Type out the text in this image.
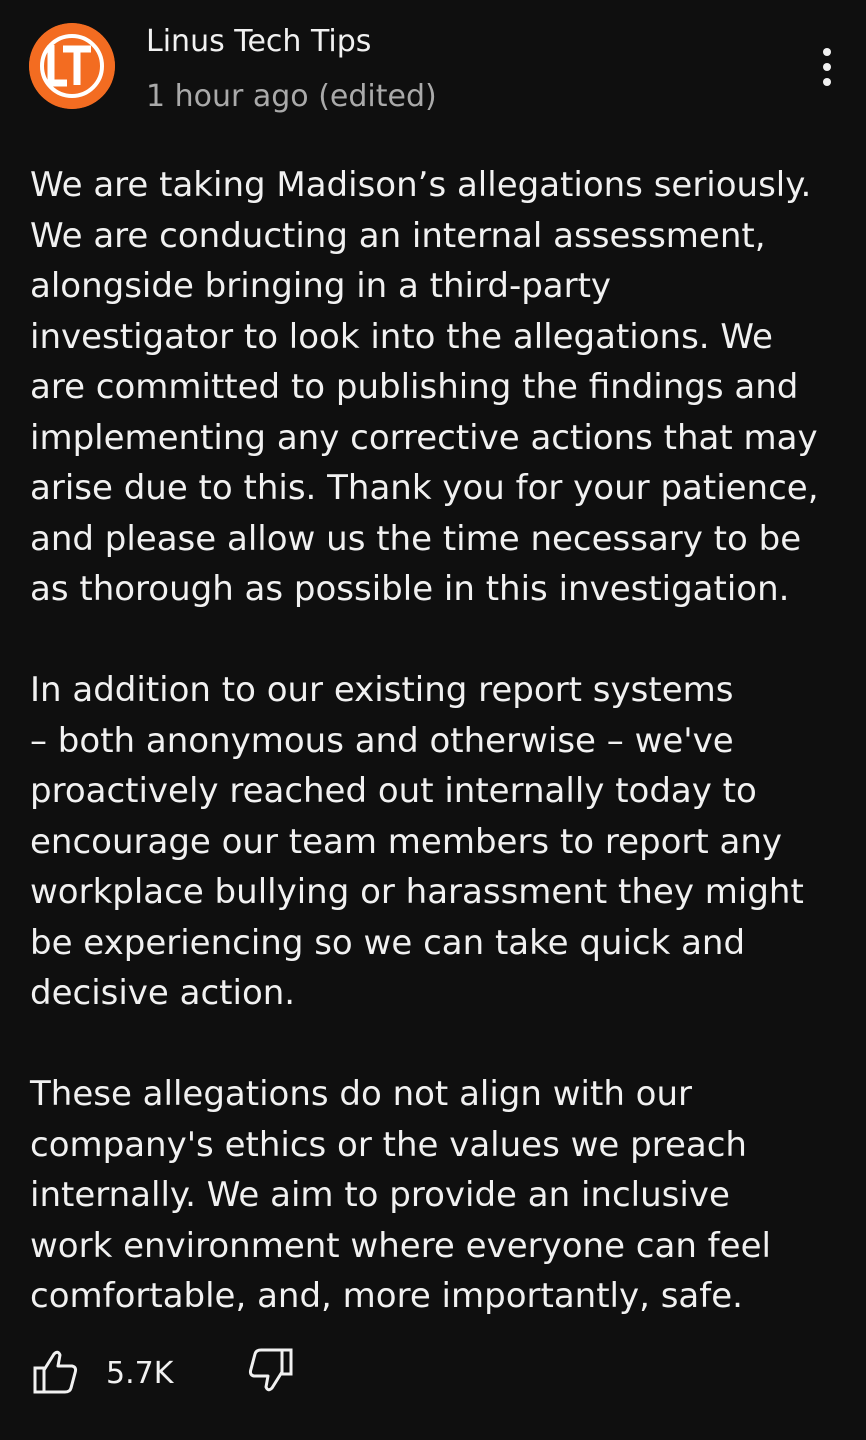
Linus Tech Tips
1 hour ago (edited)

We are taking Madison’s allegations seriously.

We are conducting an internal assessment,

alongside bringing in a third-party

investigator to look into the allegations. We

are committed to publishing the findings and

implementing any corrective actions that may

arise due to this. Thank you for your patience,

and please allow us the time necessary to be

as thorough as possible in this investigation.

In addition to our existing report systems

– both anonymous and otherwise – we've

proactively reached out internally today to

encourage our team members to report any

workplace bullying or harassment they might

be experiencing so we can take quick and

decisive action.

These allegations do not align with our

company's ethics or the values we preach

internally. We aim to provide an inclusive

work environment where everyone can feel

comfortable, and, more importantly, safe.

5.7K
